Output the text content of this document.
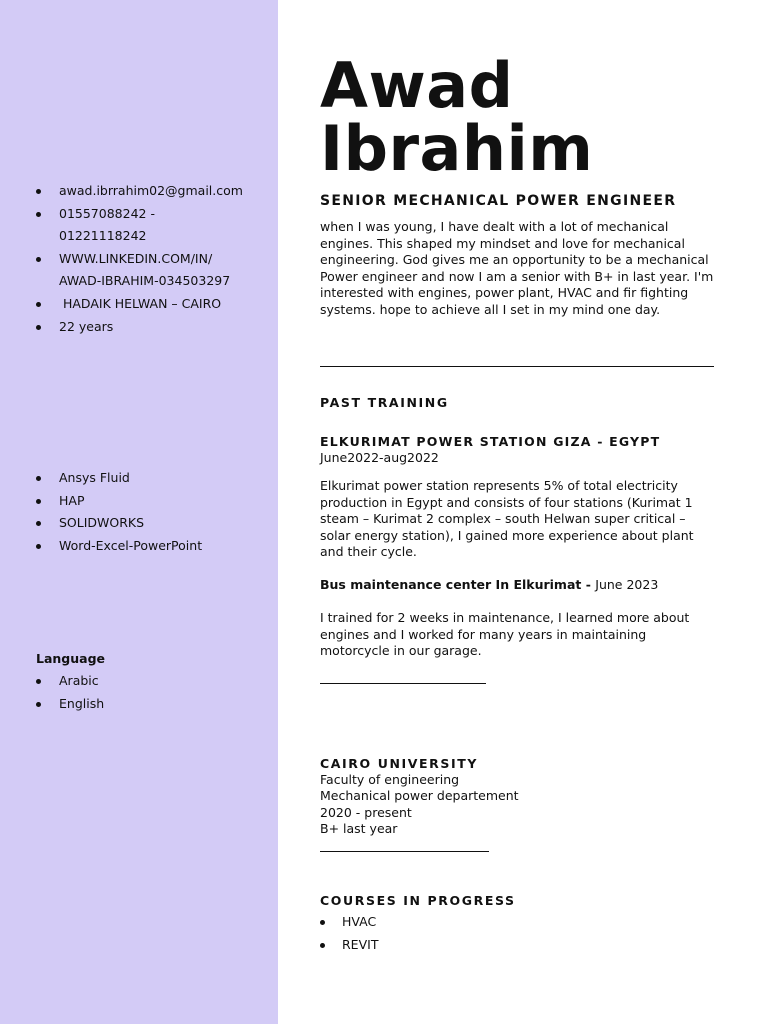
awad.ibrrahim02@gmail.com
01557088242 - 01221118242
WWW.LINKEDIN.COM/IN/ AWAD-IBRAHIM-034503297
HADAIK HELWAN – CAIRO
22 years
Ansys Fluid
HAP
SOLIDWORKS
Word-Excel-PowerPoint

Language

Arabic
English
Awad
Ibrahim
SENIOR MECHANICAL POWER ENGINEER

when I was young, I have dealt with a lot of mechanical engines. This shaped my mindset and love for mechanical engineering. God gives me an opportunity to be a mechanical Power engineer and now I am a senior with B+ in last year. I'm interested with engines, power plant, HVAC and fir fighting systems. hope to achieve all I set in my mind one day.

PAST TRAINING
ELKURIMAT POWER STATION GIZA - EGYPT

June2022-aug2022

Elkurimat power station represents 5% of total electricity production in Egypt and consists of four stations (Kurimat 1 steam – Kurimat 2 complex – south Helwan super critical – solar energy station), I gained more experience about plant and their cycle.

Bus maintenance center In Elkurimat - June 2023

I trained for 2 weeks in maintenance, I learned more about engines and I worked for many years in maintaining motorcycle in our garage.

CAIRO UNIVERSITY

Faculty of engineering

Mechanical power departement

2020 - present

B+ last year

COURSES IN PROGRESS
HVAC
REVIT
